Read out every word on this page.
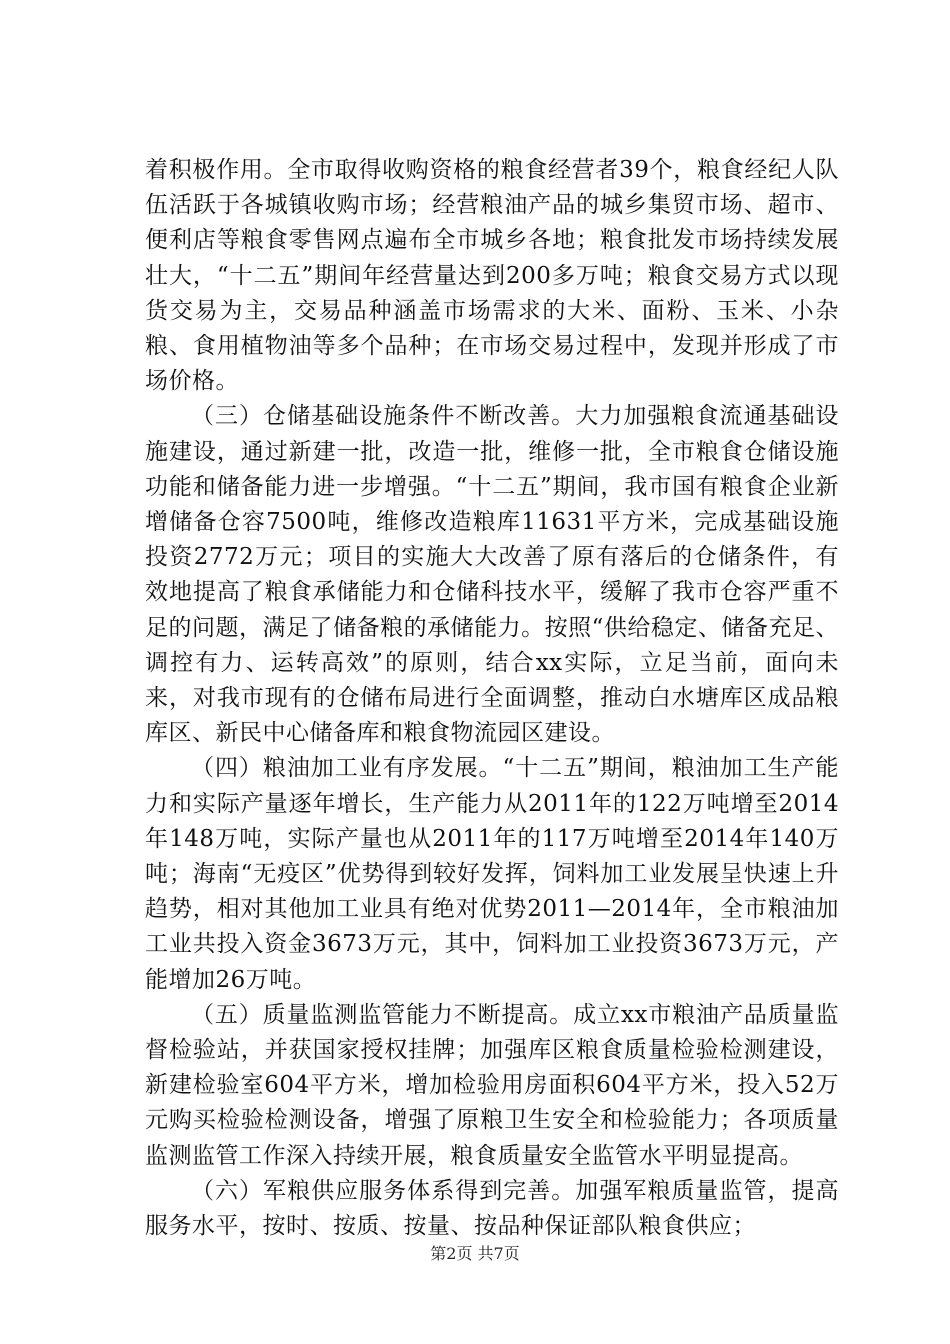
着积极作用。全市取得收购资格的粮食经营者39个，粮食经纪人队伍活跃于各城镇收购市场；经营粮油产品的城乡集贸市场、超市、便利店等粮食零售网点遍布全市城乡各地；粮食批发市场持续发展壮大，“十二五”期间年经营量达到200多万吨；粮食交易方式以现货交易为主，交易品种涵盖市场需求的大米、面粉、玉米、小杂粮、食用植物油等多个品种；在市场交易过程中，发现并形成了市场价格。

（三）仓储基础设施条件不断改善。大力加强粮食流通基础设施建设，通过新建一批，改造一批，维修一批，全市粮食仓储设施功能和储备能力进一步增强。“十二五”期间，我市国有粮食企业新增储备仓容7500吨，维修改造粮库11631平方米，完成基础设施投资2772万元；项目的实施大大改善了原有落后的仓储条件，有效地提高了粮食承储能力和仓储科技水平，缓解了我市仓容严重不足的问题，满足了储备粮的承储能力。按照“供给稳定、储备充足、调控有力、运转高效”的原则，结合xx实际，立足当前，面向未来，对我市现有的仓储布局进行全面调整，推动白水塘库区成品粮库区、新民中心储备库和粮食物流园区建设。

（四）粮油加工业有序发展。“十二五”期间，粮油加工生产能力和实际产量逐年增长，生产能力从2011年的122万吨增至2014年148万吨，实际产量也从2011年的117万吨增至2014年140万吨；海南“无疫区”优势得到较好发挥，饲料加工业发展呈快速上升趋势，相对其他加工业具有绝对优势2011—2014年，全市粮油加工业共投入资金3673万元，其中，饲料加工业投资3673万元，产能增加26万吨。

（五）质量监测监管能力不断提高。成立xx市粮油产品质量监督检验站，并获国家授权挂牌；加强库区粮食质量检验检测建设，新建检验室604平方米，增加检验用房面积604平方米，投入52万元购买检验检测设备，增强了原粮卫生安全和检验能力；各项质量监测监管工作深入持续开展，粮食质量安全监管水平明显提高。

（六）军粮供应服务体系得到完善。加强军粮质量监管，提高服务水平，按时、按质、按量、按品种保证部队粮食供应；

第2页 共7页
